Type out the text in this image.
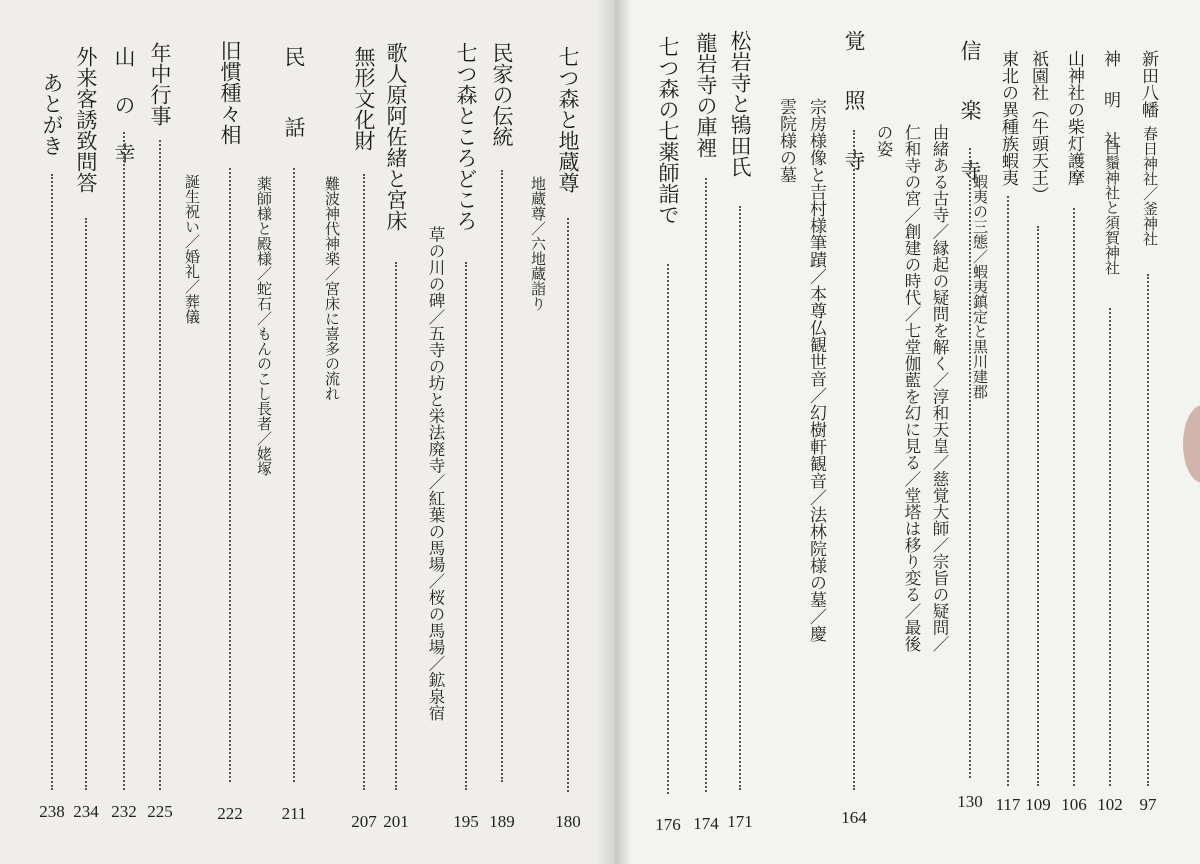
新田八幡
春日神社／釜神社
97
神　明　社
白鬚神社と須賀神社
102
山神社の柴灯護摩
106
祇園社（牛頭天王）
109
東北の異種族蝦夷
117
蝦夷の三態／蝦夷鎮定と黒川建郡
信　楽　寺
130
由緒ある古寺／縁起の疑問を解く／淳和天皇／慈覚大師／宗旨の疑問／
仁和寺の宮／創建の時代／七堂伽藍を幻に見る／堂塔は移り変る／最後
の姿
覚　照　寺
164
宗房様像と吉村様筆蹟／本尊仏観世音／幻樹軒観音／法林院様の墓／慶
雲院様の墓
松岩寺と鴇田氏
171
龍岩寺の庫裡
174
七つ森の七薬師詣で
176
七つ森と地蔵尊
180
地蔵尊／六地蔵詣り
民家の伝統
189
七つ森ところどころ
195
草の川の碑／五寺の坊と栄法廃寺／紅葉の馬場／桜の馬場／鉱泉宿
歌人原阿佐緒と宮床
201
無形文化財
207
難波神代神楽／宮床に喜多の流れ
民　　話
211
薬師様と殿様／蛇石／もんのこし長者／姥塚
旧慣種々相
222
誕生祝い／婚礼／葬儀
年中行事
225
山　の　幸
232
外来客誘致問答
234
あとがき
238
